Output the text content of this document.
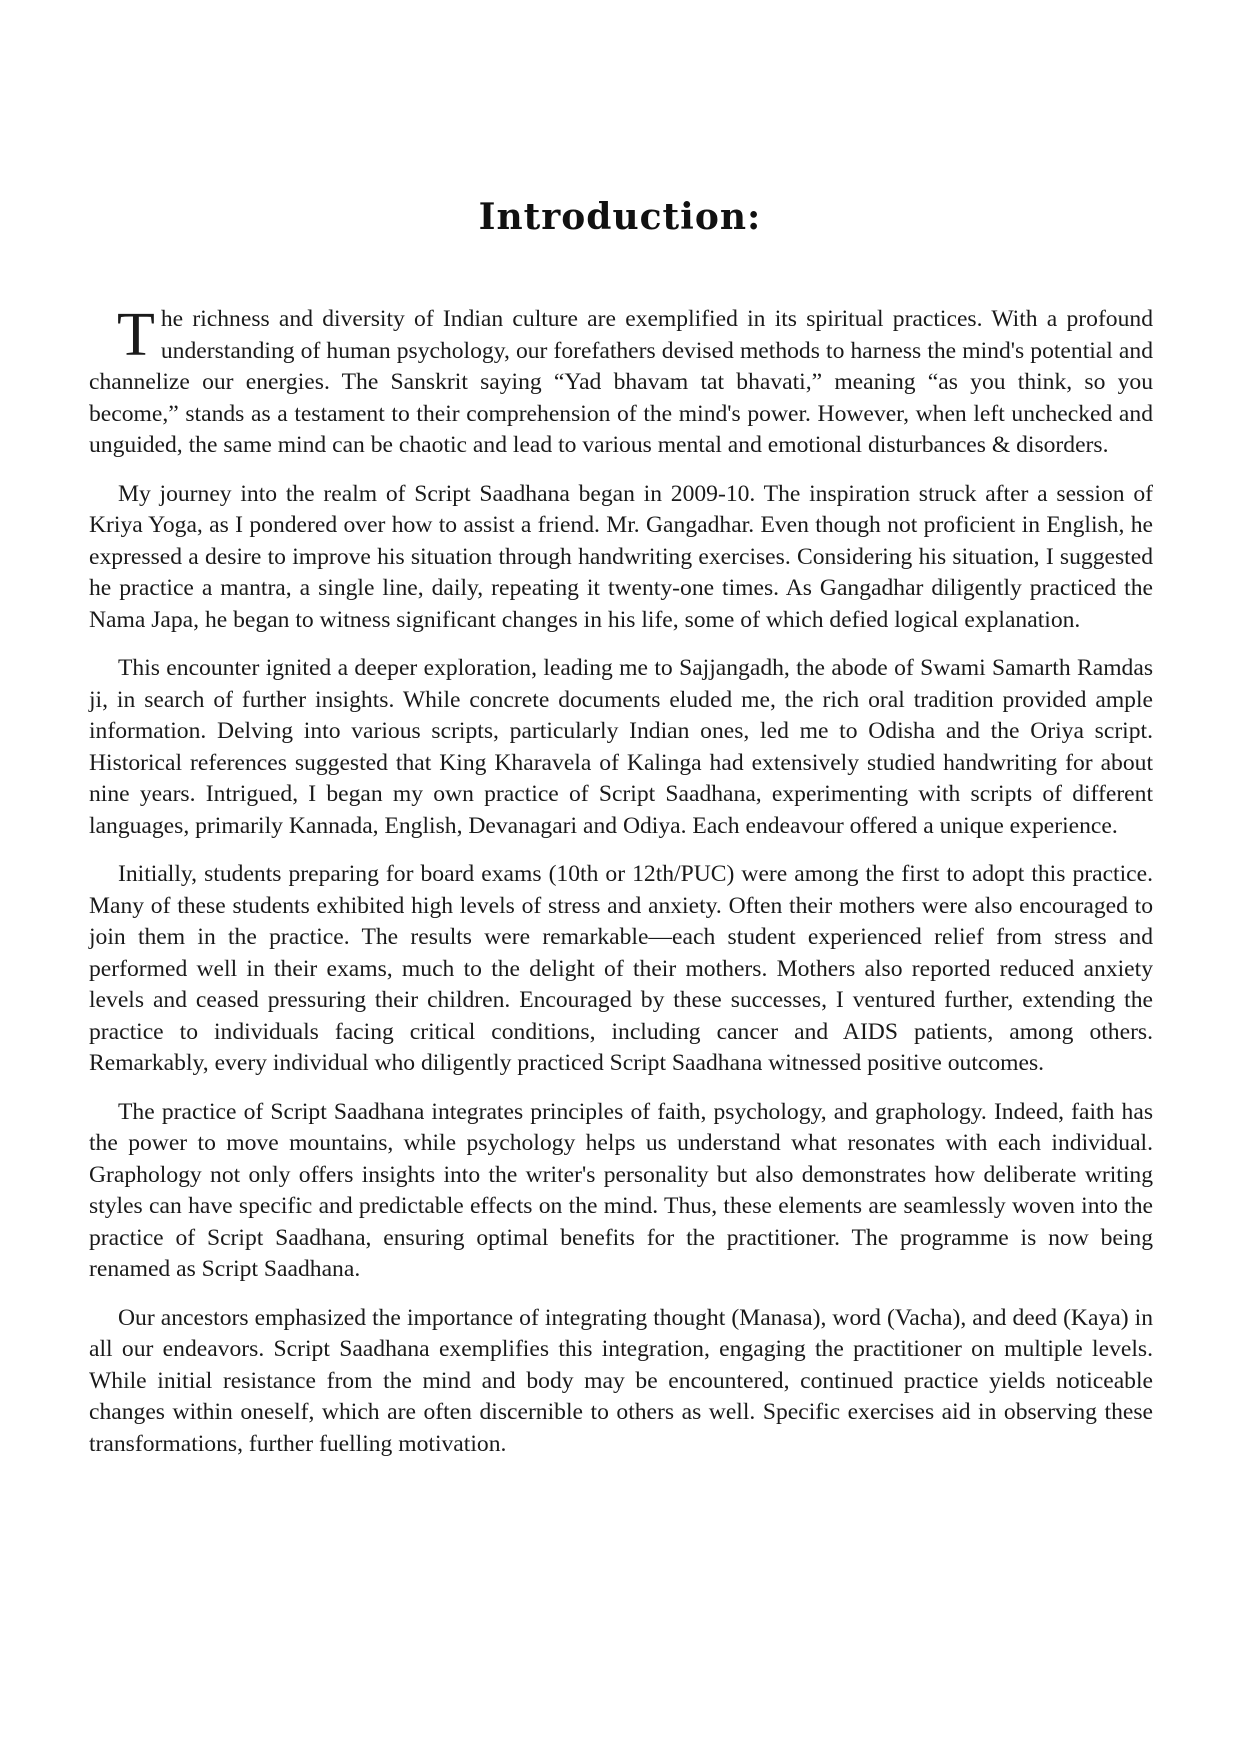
Introduction:

The richness and diversity of Indian culture are exemplified in its spiritual practices. With a profound understanding of human psychology, our forefathers devised methods to harness the mind's potential and channelize our energies. The Sanskrit saying “Yad bhavam tat bhavati,” meaning “as you think, so you become,” stands as a testament to their comprehension of the mind's power. However, when left unchecked and unguided, the same mind can be chaotic and lead to various mental and emotional disturbances & disorders.

My journey into the realm of Script Saadhana began in 2009-10. The inspiration struck after a session of Kriya Yoga, as I pondered over how to assist a friend. Mr. Gangadhar. Even though not proficient in English, he expressed a desire to improve his situation through handwriting exercises. Considering his situation, I suggested he practice a mantra, a single line, daily, repeating it twenty-one times. As Gangadhar diligently practiced the Nama Japa, he began to witness significant changes in his life, some of which defied logical explanation.

This encounter ignited a deeper exploration, leading me to Sajjangadh, the abode of Swami Samarth Ramdas ji, in search of further insights. While concrete documents eluded me, the rich oral tradition provided ample information. Delving into various scripts, particularly Indian ones, led me to Odisha and the Oriya script. Historical references suggested that King Kharavela of Kalinga had extensively studied handwriting for about nine years. Intrigued, I began my own practice of Script Saadhana, experimenting with scripts of different languages, primarily Kannada, English, Devanagari and Odiya. Each endeavour offered a unique experience.

Initially, students preparing for board exams (10th or 12th/PUC) were among the first to adopt this practice. Many of these students exhibited high levels of stress and anxiety. Often their mothers were also encouraged to join them in the practice. The results were remarkable—each student experienced relief from stress and performed well in their exams, much to the delight of their mothers. Mothers also reported reduced anxiety levels and ceased pressuring their children. Encouraged by these successes, I ventured further, extending the practice to individuals facing critical conditions, including cancer and AIDS patients, among others. Remarkably, every individual who diligently practiced Script Saadhana witnessed positive outcomes.

The practice of Script Saadhana integrates principles of faith, psychology, and graphology. Indeed, faith has the power to move mountains, while psychology helps us understand what resonates with each individual. Graphology not only offers insights into the writer's personality but also demonstrates how deliberate writing styles can have specific and predictable effects on the mind. Thus, these elements are seamlessly woven into the practice of Script Saadhana, ensuring optimal benefits for the practitioner. The programme is now being renamed as Script Saadhana.

Our ancestors emphasized the importance of integrating thought (Manasa), word (Vacha), and deed (Kaya) in all our endeavors. Script Saadhana exemplifies this integration, engaging the practitioner on multiple levels. While initial resistance from the mind and body may be encountered, continued practice yields noticeable changes within oneself, which are often discernible to others as well. Specific exercises aid in observing these transformations, further fuelling motivation.
